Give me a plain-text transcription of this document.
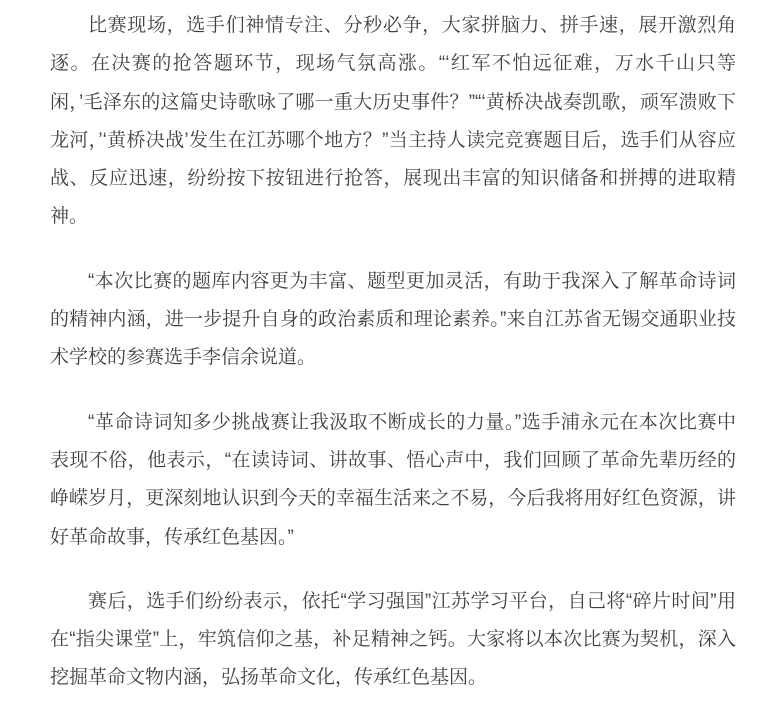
比赛现场，选手们神情专注、分秒必争，大家拼脑力、拼手速，展开激烈角逐。在决赛的抢答题环节，现场气氛高涨。“‘红军不怕远征难，万水千山只等闲，’毛泽东的这篇史诗歌咏了哪一重大历史事件？”“‘黄桥决战奏凯歌，顽军溃败下龙河，’‘黄桥决战’发生在江苏哪个地方？”当主持人读完竞赛题目后，选手们从容应战、反应迅速，纷纷按下按钮进行抢答，展现出丰富的知识储备和拼搏的进取精神。

“本次比赛的题库内容更为丰富、题型更加灵活，有助于我深入了解革命诗词的精神内涵，进一步提升自身的政治素质和理论素养。”来自江苏省无锡交通职业技术学校的参赛选手李信余说道。

“革命诗词知多少挑战赛让我汲取不断成长的力量。”选手浦永元在本次比赛中表现不俗，他表示，“在读诗词、讲故事、悟心声中，我们回顾了革命先辈历经的峥嵘岁月，更深刻地认识到今天的幸福生活来之不易，今后我将用好红色资源，讲好革命故事，传承红色基因。”

赛后，选手们纷纷表示，依托“学习强国”江苏学习平台，自己将“碎片时间”用在“指尖课堂”上，牢筑信仰之基，补足精神之钙。大家将以本次比赛为契机，深入挖掘革命文物内涵，弘扬革命文化，传承红色基因。
